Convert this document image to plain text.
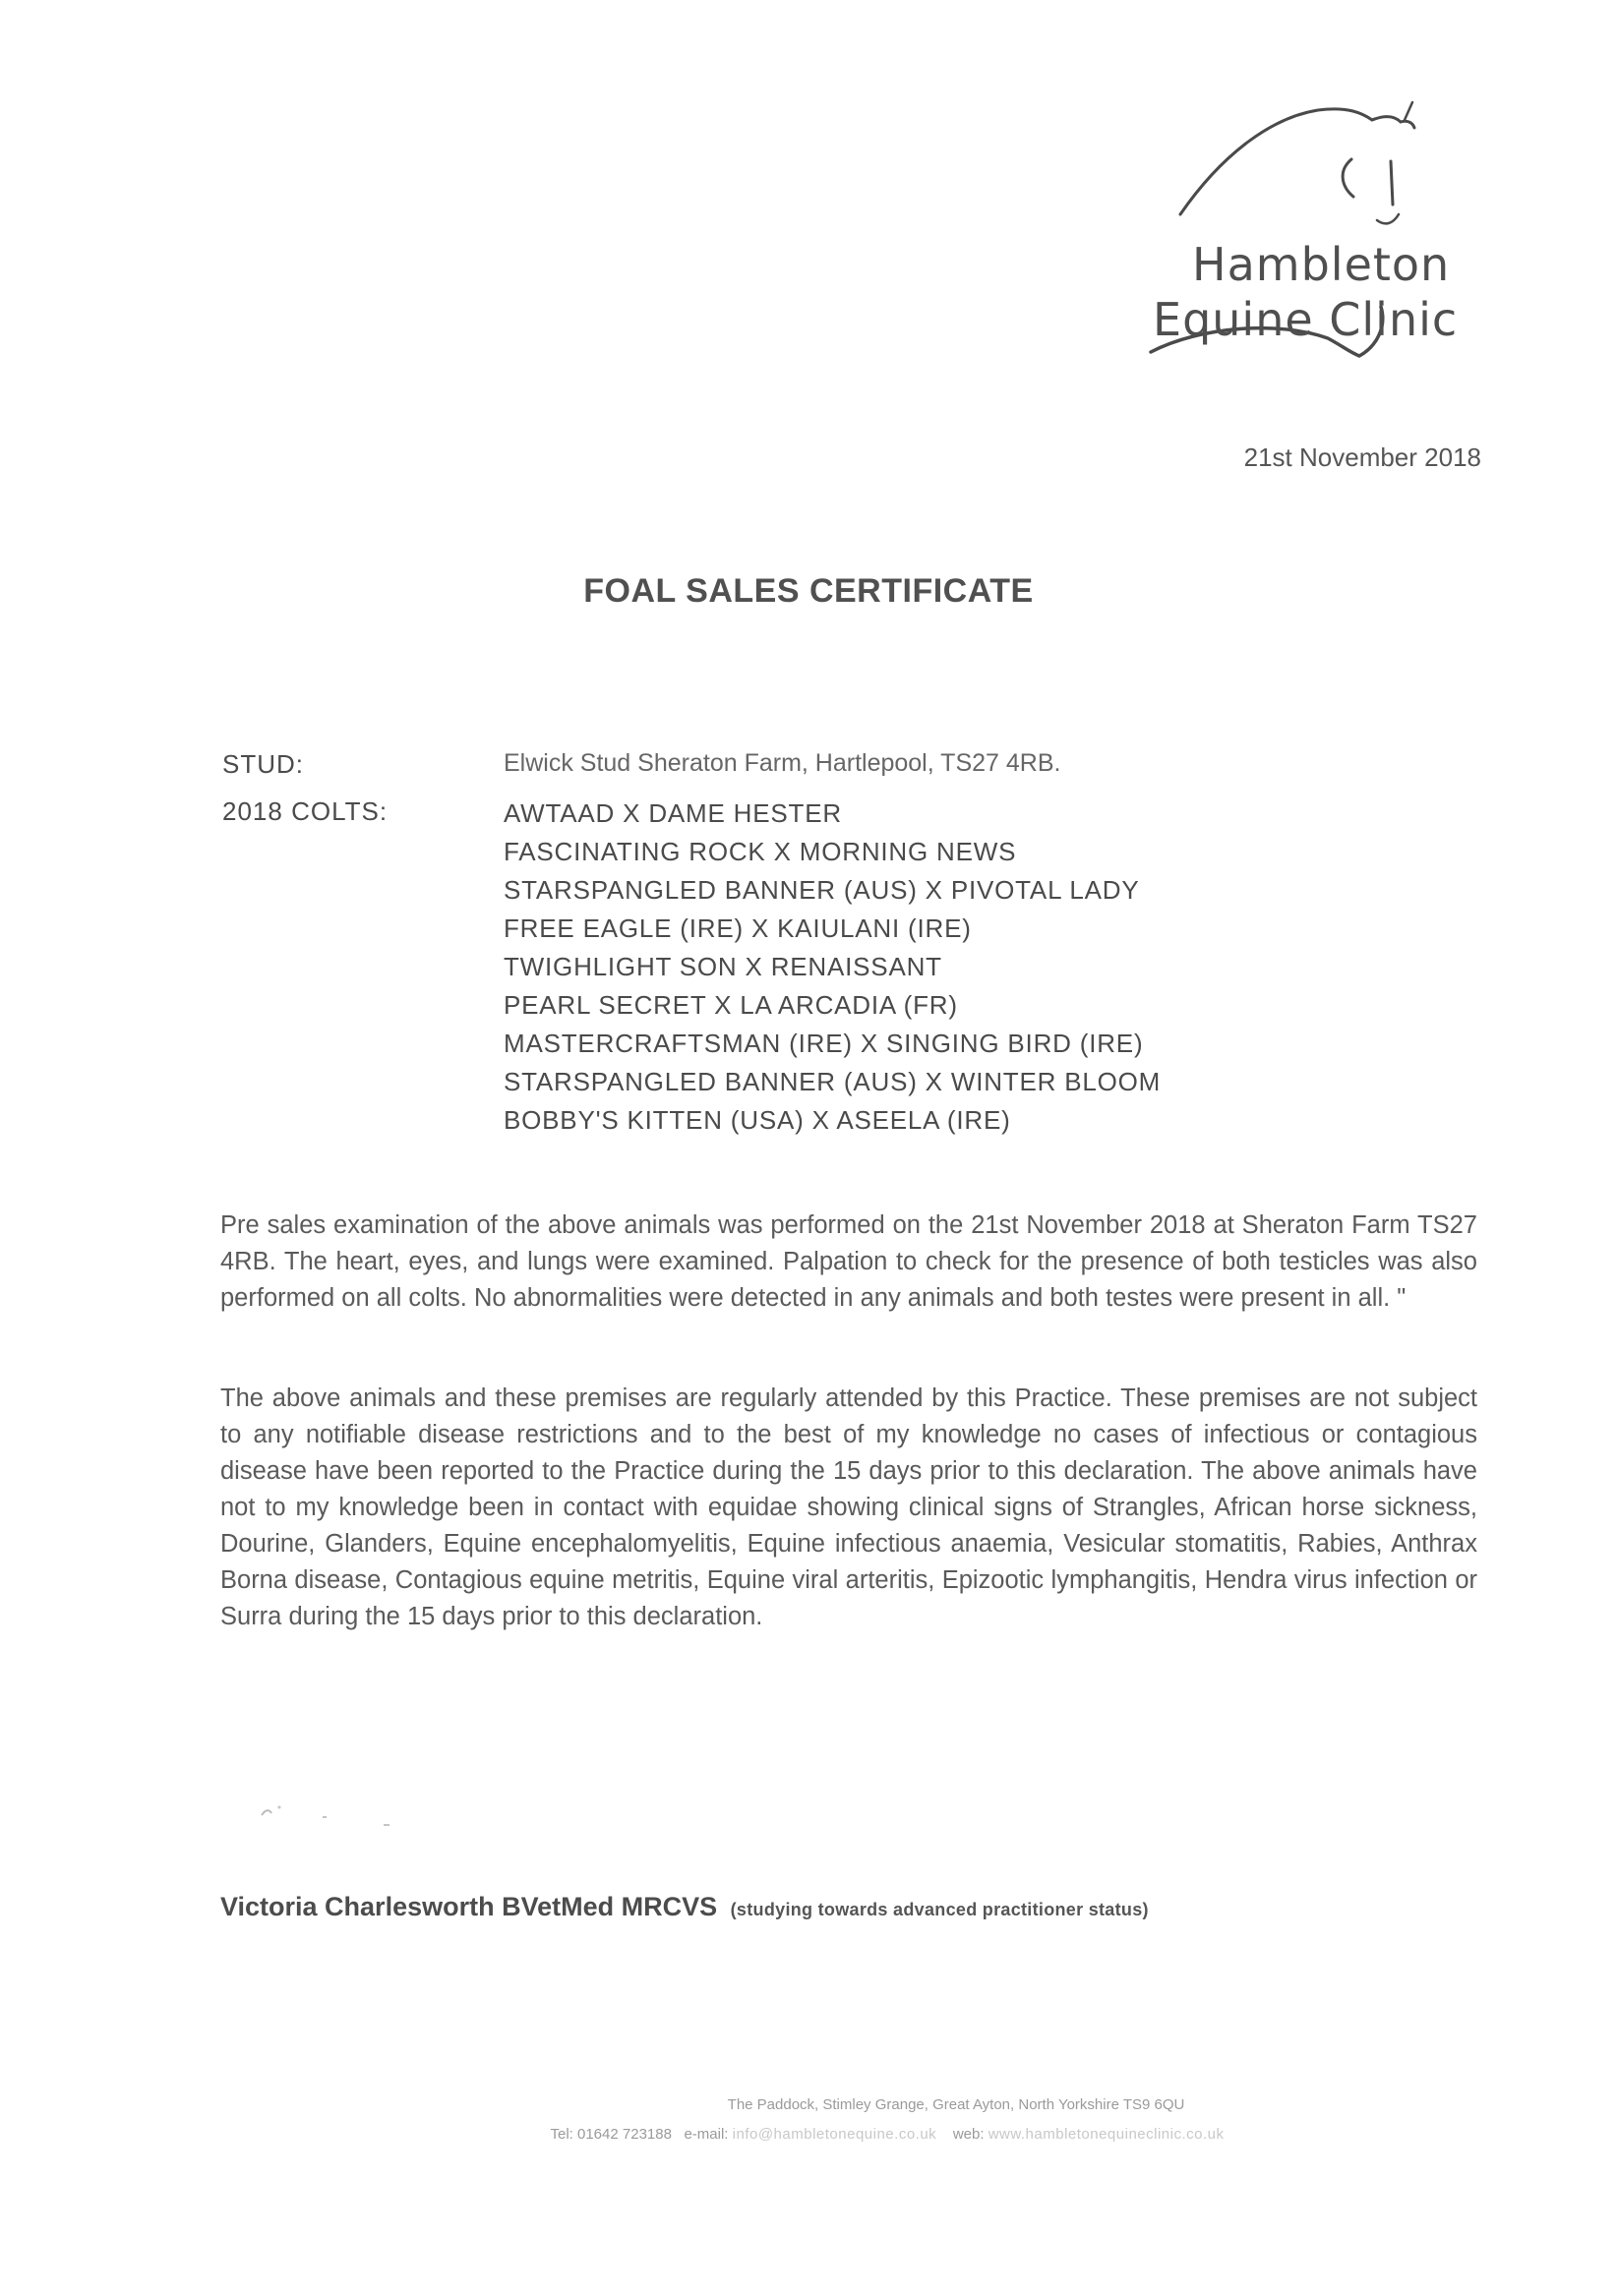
Hambleton
Equine Clinic
21st November 2018
FOAL SALES CERTIFICATE
STUD:	Elwick Stud Sheraton Farm, Hartlepool, TS27 4RB.
2018 COLTS:	AWTAAD X DAME HESTER
FASCINATING ROCK X MORNING NEWS
STARSPANGLED BANNER (AUS) X PIVOTAL LADY
FREE EAGLE (IRE) X KAIULANI (IRE)
TWIGHLIGHT SON X RENAISSANT
PEARL SECRET X LA ARCADIA (FR)
MASTERCRAFTSMAN (IRE) X SINGING BIRD (IRE)
STARSPANGLED BANNER (AUS) X WINTER BLOOM
BOBBY'S KITTEN (USA) X ASEELA (IRE)

Pre sales examination of the above animals was performed on the 21st November 2018 at Sheraton Farm TS27 4RB. The heart, eyes, and lungs were examined. Palpation to check for the presence of both testicles was also performed on all colts. No abnormalities were detected in any animals and both testes were present in all. "

The above animals and these premises are regularly attended by this Practice. These premises are not subject to any notifiable disease restrictions and to the best of my knowledge no cases of infectious or contagious disease have been reported to the Practice during the 15 days prior to this declaration. The above animals have not to my knowledge been in contact with equidae showing clinical signs of Strangles, African horse sickness, Dourine, Glanders, Equine encephalomyelitis, Equine infectious anaemia, Vesicular stomatitis, Rabies, Anthrax Borna disease, Contagious equine metritis, Equine viral arteritis, Epizootic lymphangitis, Hendra virus infection or Surra during the 15 days prior to this declaration.

Victoria Charlesworth BVetMed MRCVS (studying towards advanced practitioner status)
The Paddock, Stimley Grange, Great Ayton, North Yorkshire TS9 6QU
Tel: 01642 723188 e-mail: info@hambletonequine.co.uk web: www.hambletonequineclinic.co.uk
